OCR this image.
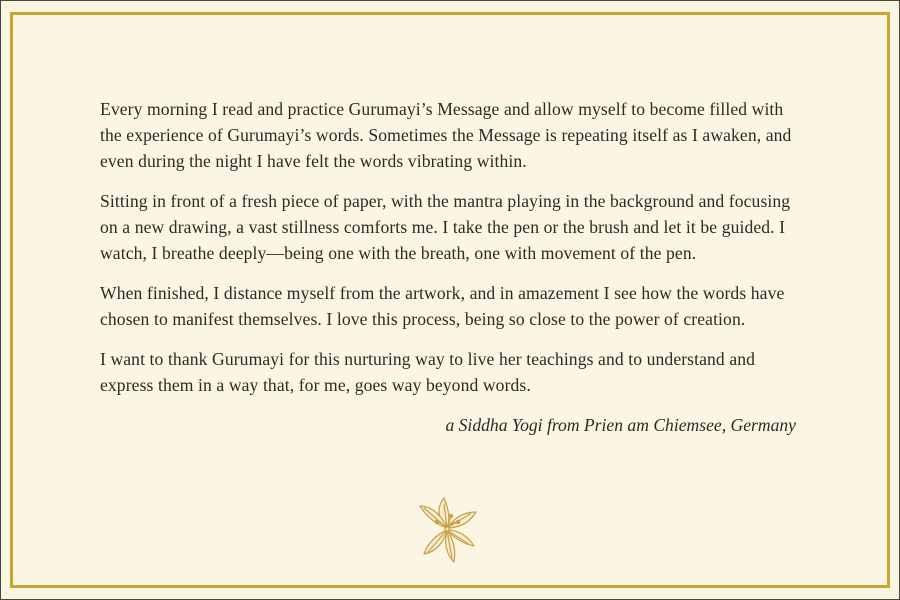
Every morning I read and practice Gurumayi’s Message and allow myself to become filled with the experience of Gurumayi’s words. Sometimes the Message is repeating itself as I awaken, and even during the night I have felt the words vibrating within.

Sitting in front of a fresh piece of paper, with the mantra playing in the background and focusing on a new drawing, a vast stillness comforts me. I take the pen or the brush and let it be guided. I watch, I breathe deeply—being one with the breath, one with movement of the pen.

When finished, I distance myself from the artwork, and in amazement I see how the words have chosen to manifest themselves. I love this process, being so close to the power of creation.

I want to thank Gurumayi for this nurturing way to live her teachings and to understand and express them in a way that, for me, goes way beyond words.

a Siddha Yogi from Prien am Chiemsee, Germany
